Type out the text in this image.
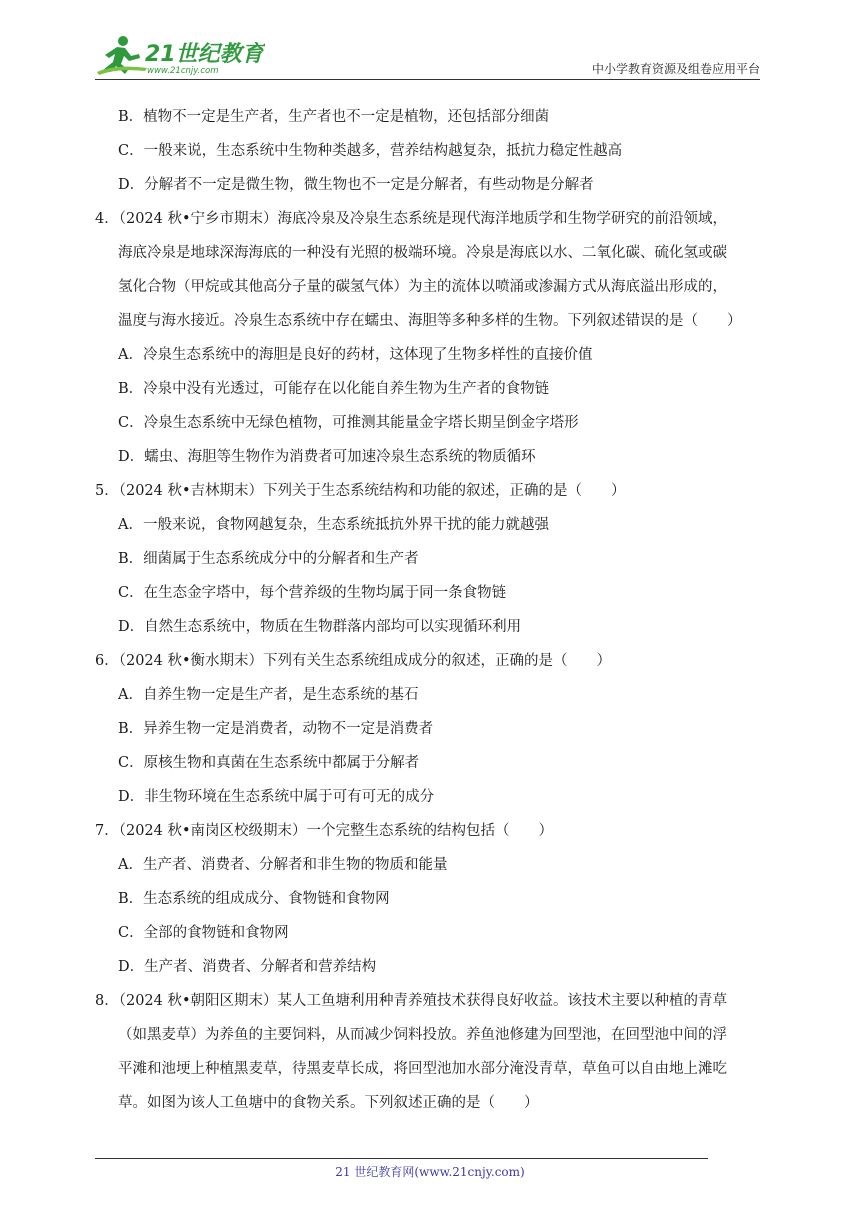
21世纪教育
www.21cnjy.com	中小学教育资源及组卷应用平台
B．植物不一定是生产者，生产者也不一定是植物，还包括部分细菌
C．一般来说，生态系统中生物种类越多，营养结构越复杂，抵抗力稳定性越高
D．分解者不一定是微生物，微生物也不一定是分解者，有些动物是分解者
4．（2024 秋•宁乡市期末）海底冷泉及冷泉生态系统是现代海洋地质学和生物学研究的前沿领域，
海底冷泉是地球深海海底的一种没有光照的极端环境。冷泉是海底以水、二氧化碳、硫化氢或碳
氢化合物（甲烷或其他高分子量的碳氢气体）为主的流体以喷涌或渗漏方式从海底溢出形成的，
温度与海水接近。冷泉生态系统中存在蠕虫、海胆等多种多样的生物。下列叙述错误的是（　　）
A．冷泉生态系统中的海胆是良好的药材，这体现了生物多样性的直接价值
B．冷泉中没有光透过，可能存在以化能自养生物为生产者的食物链
C．冷泉生态系统中无绿色植物，可推测其能量金字塔长期呈倒金字塔形
D．蠕虫、海胆等生物作为消费者可加速冷泉生态系统的物质循环
5．（2024 秋•吉林期末）下列关于生态系统结构和功能的叙述，正确的是（　　）
A．一般来说，食物网越复杂，生态系统抵抗外界干扰的能力就越强
B．细菌属于生态系统成分中的分解者和生产者
C．在生态金字塔中，每个营养级的生物均属于同一条食物链
D．自然生态系统中，物质在生物群落内部均可以实现循环利用
6．（2024 秋•衡水期末）下列有关生态系统组成成分的叙述，正确的是（　　）
A．自养生物一定是生产者，是生态系统的基石
B．异养生物一定是消费者，动物不一定是消费者
C．原核生物和真菌在生态系统中都属于分解者
D．非生物环境在生态系统中属于可有可无的成分
7．（2024 秋•南岗区校级期末）一个完整生态系统的结构包括（　　）
A．生产者、消费者、分解者和非生物的物质和能量
B．生态系统的组成成分、食物链和食物网
C．全部的食物链和食物网
D．生产者、消费者、分解者和营养结构
8．（2024 秋•朝阳区期末）某人工鱼塘利用种青养殖技术获得良好收益。该技术主要以种植的青草
（如黑麦草）为养鱼的主要饲料，从而减少饲料投放。养鱼池修建为回型池，在回型池中间的浮
平滩和池埂上种植黑麦草，待黑麦草长成，将回型池加水部分淹没青草，草鱼可以自由地上滩吃
草。如图为该人工鱼塘中的食物关系。下列叙述正确的是（　　）
21 世纪教育网(www.21cnjy.com)
